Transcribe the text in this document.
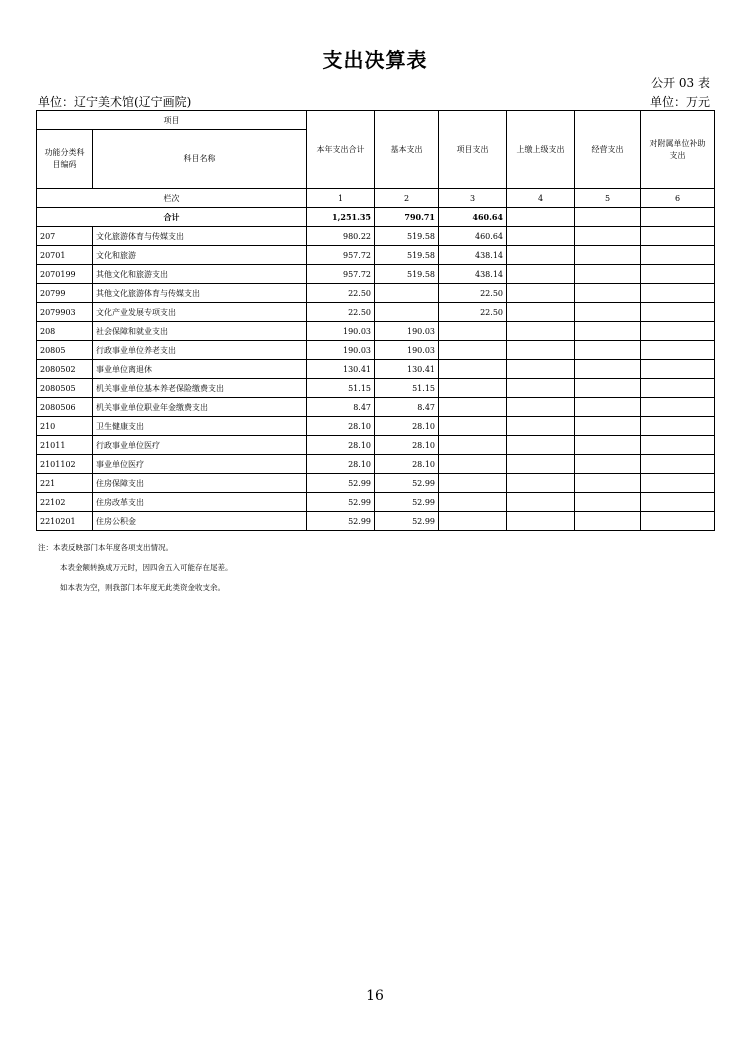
支出决算表
公开 03 表
单位：辽宁美术馆(辽宁画院)	单位：万元
项目		本年支出合计	基本支出	项目支出	上缴上级支出	经营支出	对附属单位补助支出
功能分类科目编码	科目名称						
栏次		1	2	3	4	5	6
合计		1,251.35	790.71	460.64			
207	文化旅游体育与传媒支出	980.22	519.58	460.64			
20701	文化和旅游	957.72	519.58	438.14			
2070199	其他文化和旅游支出	957.72	519.58	438.14			
20799	其他文化旅游体育与传媒支出	22.50		22.50			
2079903	文化产业发展专项支出	22.50		22.50			
208	社会保障和就业支出	190.03	190.03				
20805	行政事业单位养老支出	190.03	190.03				
2080502	事业单位离退休	130.41	130.41				
2080505	机关事业单位基本养老保险缴费支出	51.15	51.15				
2080506	机关事业单位职业年金缴费支出	8.47	8.47				
210	卫生健康支出	28.10	28.10				
21011	行政事业单位医疗	28.10	28.10				
2101102	事业单位医疗	28.10	28.10				
221	住房保障支出	52.99	52.99				
22102	住房改革支出	52.99	52.99				
2210201	住房公积金	52.99	52.99				
注：本表反映部门本年度各项支出情况。
本表金额转换成万元时，因四舍五入可能存在尾差。
如本表为空，则我部门本年度无此类资金收支余。
16
